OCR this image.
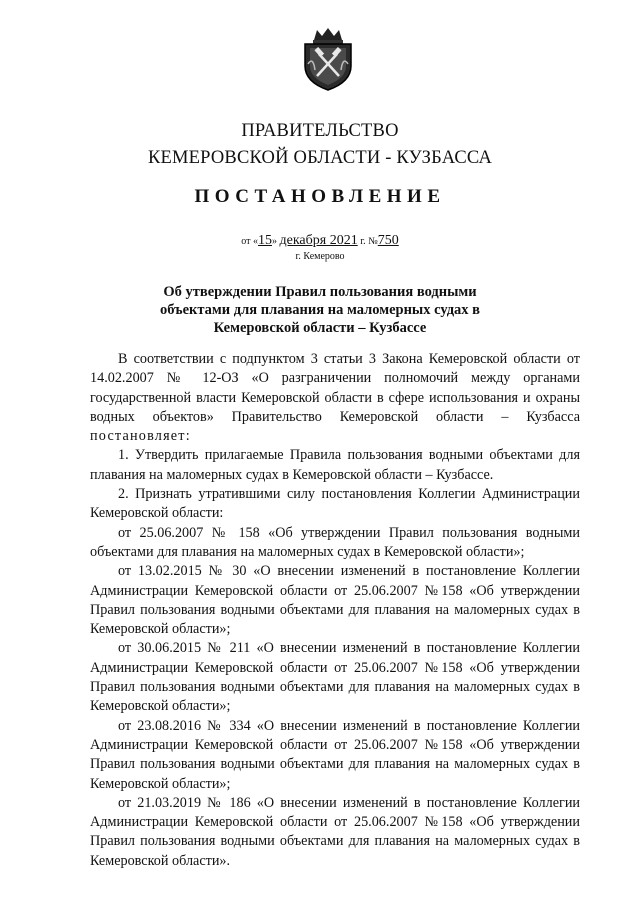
ПРАВИТЕЛЬСТВО
КЕМЕРОВСКОЙ ОБЛАСТИ - КУЗБАССА
ПОСТАНОВЛЕНИЕ
от «15» декабря 2021 г. №750
г. Кемерово
Об утверждении Правил пользования водными
объектами для плавания на маломерных судах в
Кемеровской области – Кузбассе

В соответствии с подпунктом 3 статьи 3 Закона Кемеровской области от 14.02.2007 № 12-ОЗ «О разграничении полномочий между органами государственной власти Кемеровской области в сфере использования и охраны водных объектов» Правительство Кемеровской области – Кузбасса постановляет:

1. Утвердить прилагаемые Правила пользования водными объектами для плавания на маломерных судах в Кемеровской области – Кузбассе.

2. Признать утратившими силу постановления Коллегии Администрации Кемеровской области:

от 25.06.2007 № 158 «Об утверждении Правил пользования водными объектами для плавания на маломерных судах в Кемеровской области»;

от 13.02.2015 № 30 «О внесении изменений в постановление Коллегии Администрации Кемеровской области от 25.06.2007 №158 «Об утверждении Правил пользования водными объектами для плавания на маломерных судах в Кемеровской области»;

от 30.06.2015 № 211 «О внесении изменений в постановление Коллегии Администрации Кемеровской области от 25.06.2007 №158 «Об утверждении Правил пользования водными объектами для плавания на маломерных судах в Кемеровской области»;

от 23.08.2016 № 334 «О внесении изменений в постановление Коллегии Администрации Кемеровской области от 25.06.2007 №158 «Об утверждении Правил пользования водными объектами для плавания на маломерных судах в Кемеровской области»;

от 21.03.2019 № 186 «О внесении изменений в постановление Коллегии Администрации Кемеровской области от 25.06.2007 №158 «Об утверждении Правил пользования водными объектами для плавания на маломерных судах в Кемеровской области».
